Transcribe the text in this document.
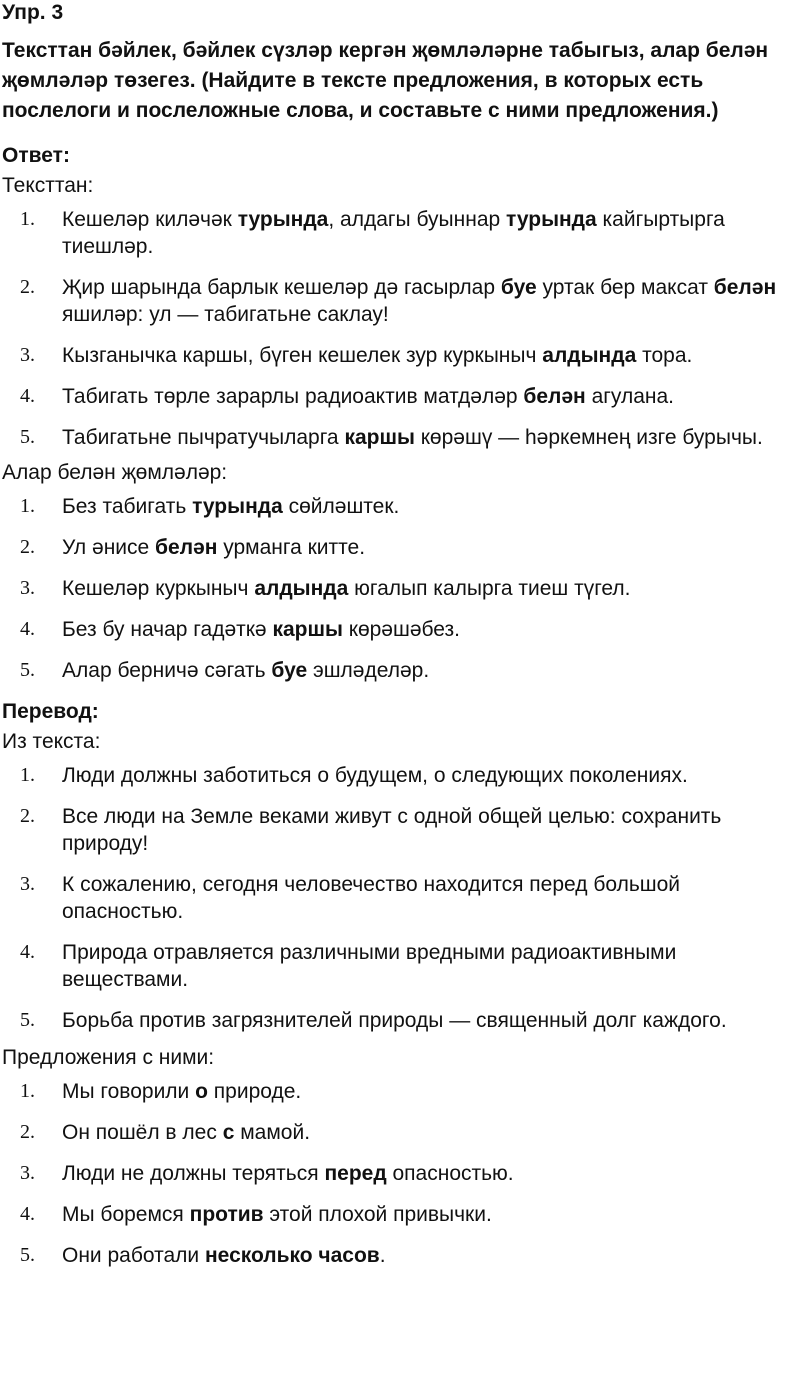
Упр. 3
Тексттан бәйлек, бәйлек сүзләр кергән җөмләләрне табыгыз, алар белән җөмләләр төзегез. (Найдите в тексте предложения, в которых есть послелоги и послеложные слова, и составьте с ними предложения.)
Ответ:
Тексттан:
1. Кешеләр киләчәк турында, алдагы буыннар турында кайгыртырга тиешләр.
2. Җир шарында барлык кешеләр дә гасырлар буе уртак бер максат белән яшиләр: ул — табигатьне саклау!
3. Кызганычка каршы, бүген кешелек зур куркыныч алдында тора.
4. Табигать төрле зарарлы радиоактив матдәләр белән агулана.
5. Табигатьне пычратучыларга каршы көрәшү — һәркемнең изге бурычы.
Алар белән җөмләләр:
1. Без табигать турында сөйләштек.
2. Ул әнисе белән урманга китте.
3. Кешеләр куркыныч алдында югалып калырга тиеш түгел.
4. Без бу начар гадәткә каршы көрәшәбез.
5. Алар берничә сәгать буе эшләделәр.
Перевод:
Из текста:
1. Люди должны заботиться о будущем, о следующих поколениях.
2. Все люди на Земле веками живут с одной общей целью: сохранить природу!
3. К сожалению, сегодня человечество находится перед большой опасностью.
4. Природа отравляется различными вредными радиоактивными веществами.
5. Борьба против загрязнителей природы — священный долг каждого.
Предложения с ними:
1. Мы говорили о природе.
2. Он пошёл в лес с мамой.
3. Люди не должны теряться перед опасностью.
4. Мы боремся против этой плохой привычки.
5. Они работали несколько часов.
